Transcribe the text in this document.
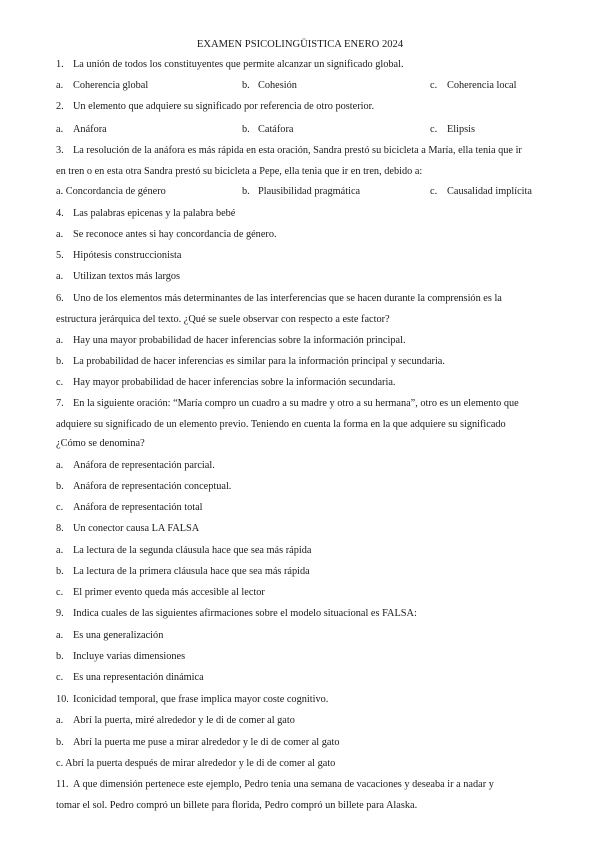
EXAMEN PSICOLINGÜISTICA ENERO 2024
1. La unión de todos los constituyentes que permite alcanzar un significado global.
a. Coherencia global	b. Cohesión	c. Coherencia local
2. Un elemento que adquiere su significado por referencia de otro posterior.
a. Anáfora	b. Catáfora	c. Elipsis
3. La resolución de la anáfora es más rápida en esta oración, Sandra prestó su bicicleta a María, ella tenia que ir
en tren o en esta otra Sandra prestó su bicicleta a Pepe, ella tenia que ir en tren, debido a:
a. Concordancia de género	b. Plausibilidad pragmática	c. Causalidad implícita
4. Las palabras epicenas y la palabra bebé
a. Se reconoce antes si hay concordancia de género.
5. Hipótesis construccionista
a. Utilizan textos más largos
6. Uno de los elementos más determinantes de las interferencias que se hacen durante la comprensión es la
estructura jerárquica del texto. ¿Qué se suele observar con respecto a este factor?
a. Hay una mayor probabilidad de hacer inferencias sobre la información principal.
b. La probabilidad de hacer inferencias es similar para la información principal y secundaria.
c. Hay mayor probabilidad de hacer inferencias sobre la información secundaria.
7. En la siguiente oración: “María compro un cuadro a su madre y otro a su hermana”, otro es un elemento que
adquiere su significado de un elemento previo. Teniendo en cuenta la forma en la que adquiere su significado
¿Cómo se denomina?
a. Anáfora de representación parcial.
b. Anáfora de representación conceptual.
c. Anáfora de representación total
8. Un conector causa LA FALSA
a. La lectura de la segunda cláusula hace que sea más rápida
b. La lectura de la primera cláusula hace que sea más rápida
c. El primer evento queda más accesible al lector
9. Indica cuales de las siguientes afirmaciones sobre el modelo situacional es FALSA:
a. Es una generalización
b. Incluye varias dimensiones
c. Es una representación dinámica
10. Iconicidad temporal, que frase implica mayor coste cognitivo.
a. Abrí la puerta, miré alrededor y le di de comer al gato
b. Abrí la puerta me puse a mirar alrededor y le di de comer al gato
c. Abrí la puerta después de mirar alrededor y le di de comer al gato
11. A que dimensión pertenece este ejemplo, Pedro tenia una semana de vacaciones y deseaba ir a nadar y
tomar el sol. Pedro compró un billete para florida, Pedro compró un billete para Alaska.
